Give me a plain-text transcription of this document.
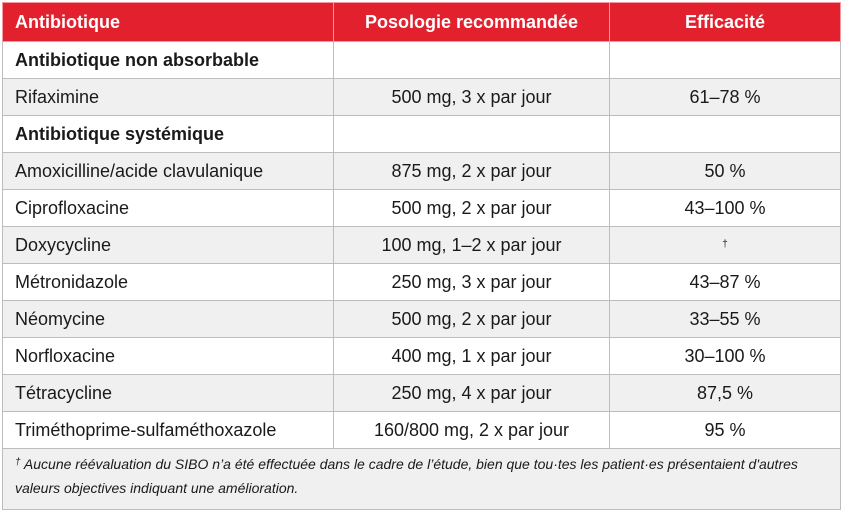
Antibiotique	Posologie recommandée	Efficacité
Antibiotique non absorbable		
Rifaximine	500 mg, 3 x par jour	61–78 %
Antibiotique systémique		
Amoxicilline/acide clavulanique	875 mg, 2 x par jour	50 %
Ciprofloxacine	500 mg, 2 x par jour	43–100 %
Doxycycline	100 mg, 1–2 x par jour	†
Métronidazole	250 mg, 3 x par jour	43–87 %
Néomycine	500 mg, 2 x par jour	33–55 %
Norfloxacine	400 mg, 1 x par jour	30–100 %
Tétracycline	250 mg, 4 x par jour	87,5 %
Triméthoprime-sulfaméthoxazole	160/800 mg, 2 x par jour	95 %
† Aucune réévaluation du SIBO n’a été effectuée dans le cadre de l’étude, bien que tou·tes les patient·es présentaient d'autres valeurs objectives indiquant une amélioration.		
